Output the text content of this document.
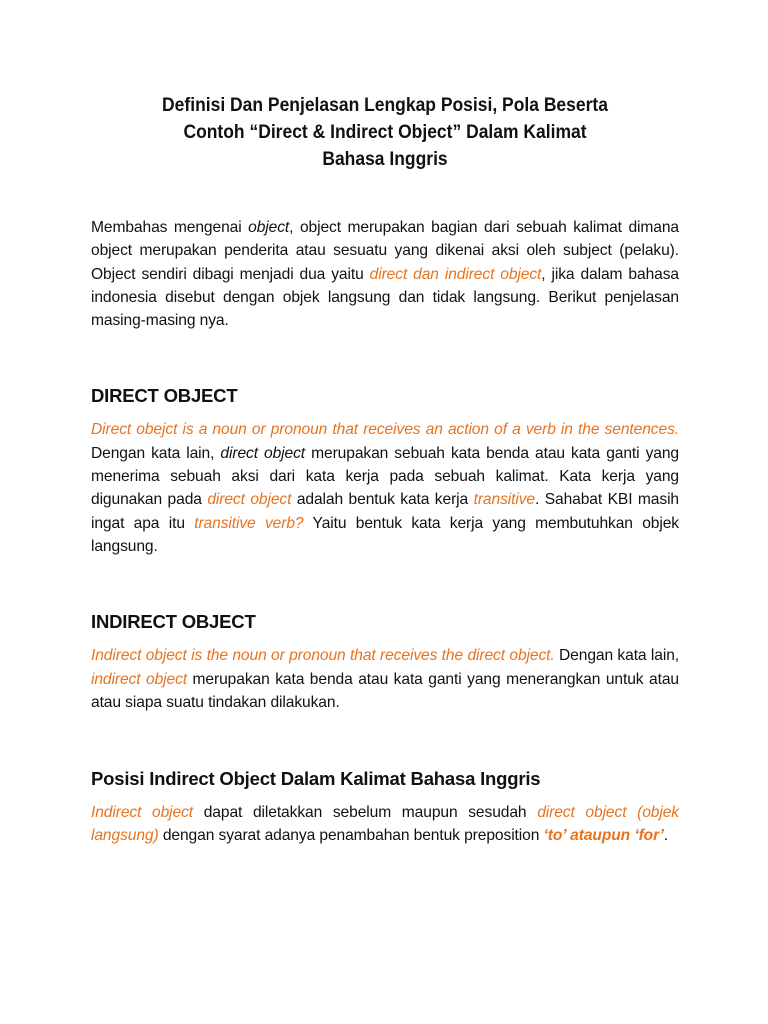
Definisi Dan Penjelasan Lengkap Posisi, Pola Beserta
Contoh “Direct & Indirect Object” Dalam Kalimat
Bahasa Inggris

Membahas mengenai object, object merupakan bagian dari sebuah kalimat dimana object merupakan penderita atau sesuatu yang dikenai aksi oleh subject (pelaku). Object sendiri dibagi menjadi dua yaitu direct dan indirect object, jika dalam bahasa indonesia disebut dengan objek langsung dan tidak langsung. Berikut penjelasan masing-masing nya.

DIRECT OBJECT

Direct obejct is a noun or pronoun that receives an action of a verb in the sentences. Dengan kata lain, direct object merupakan sebuah kata benda atau kata ganti yang menerima sebuah aksi dari kata kerja pada sebuah kalimat. Kata kerja yang digunakan pada direct object adalah bentuk kata kerja transitive. Sahabat KBI masih ingat apa itu transitive verb? Yaitu bentuk kata kerja yang membutuhkan objek langsung.

INDIRECT OBJECT

Indirect object is the noun or pronoun that receives the direct object. Dengan kata lain, indirect object merupakan kata benda atau kata ganti yang menerangkan untuk atau atau siapa suatu tindakan dilakukan.

Posisi Indirect Object Dalam Kalimat Bahasa Inggris

Indirect object dapat diletakkan sebelum maupun sesudah direct object (objek langsung) dengan syarat adanya penambahan bentuk preposition ‘to’ ataupun ‘for’.
